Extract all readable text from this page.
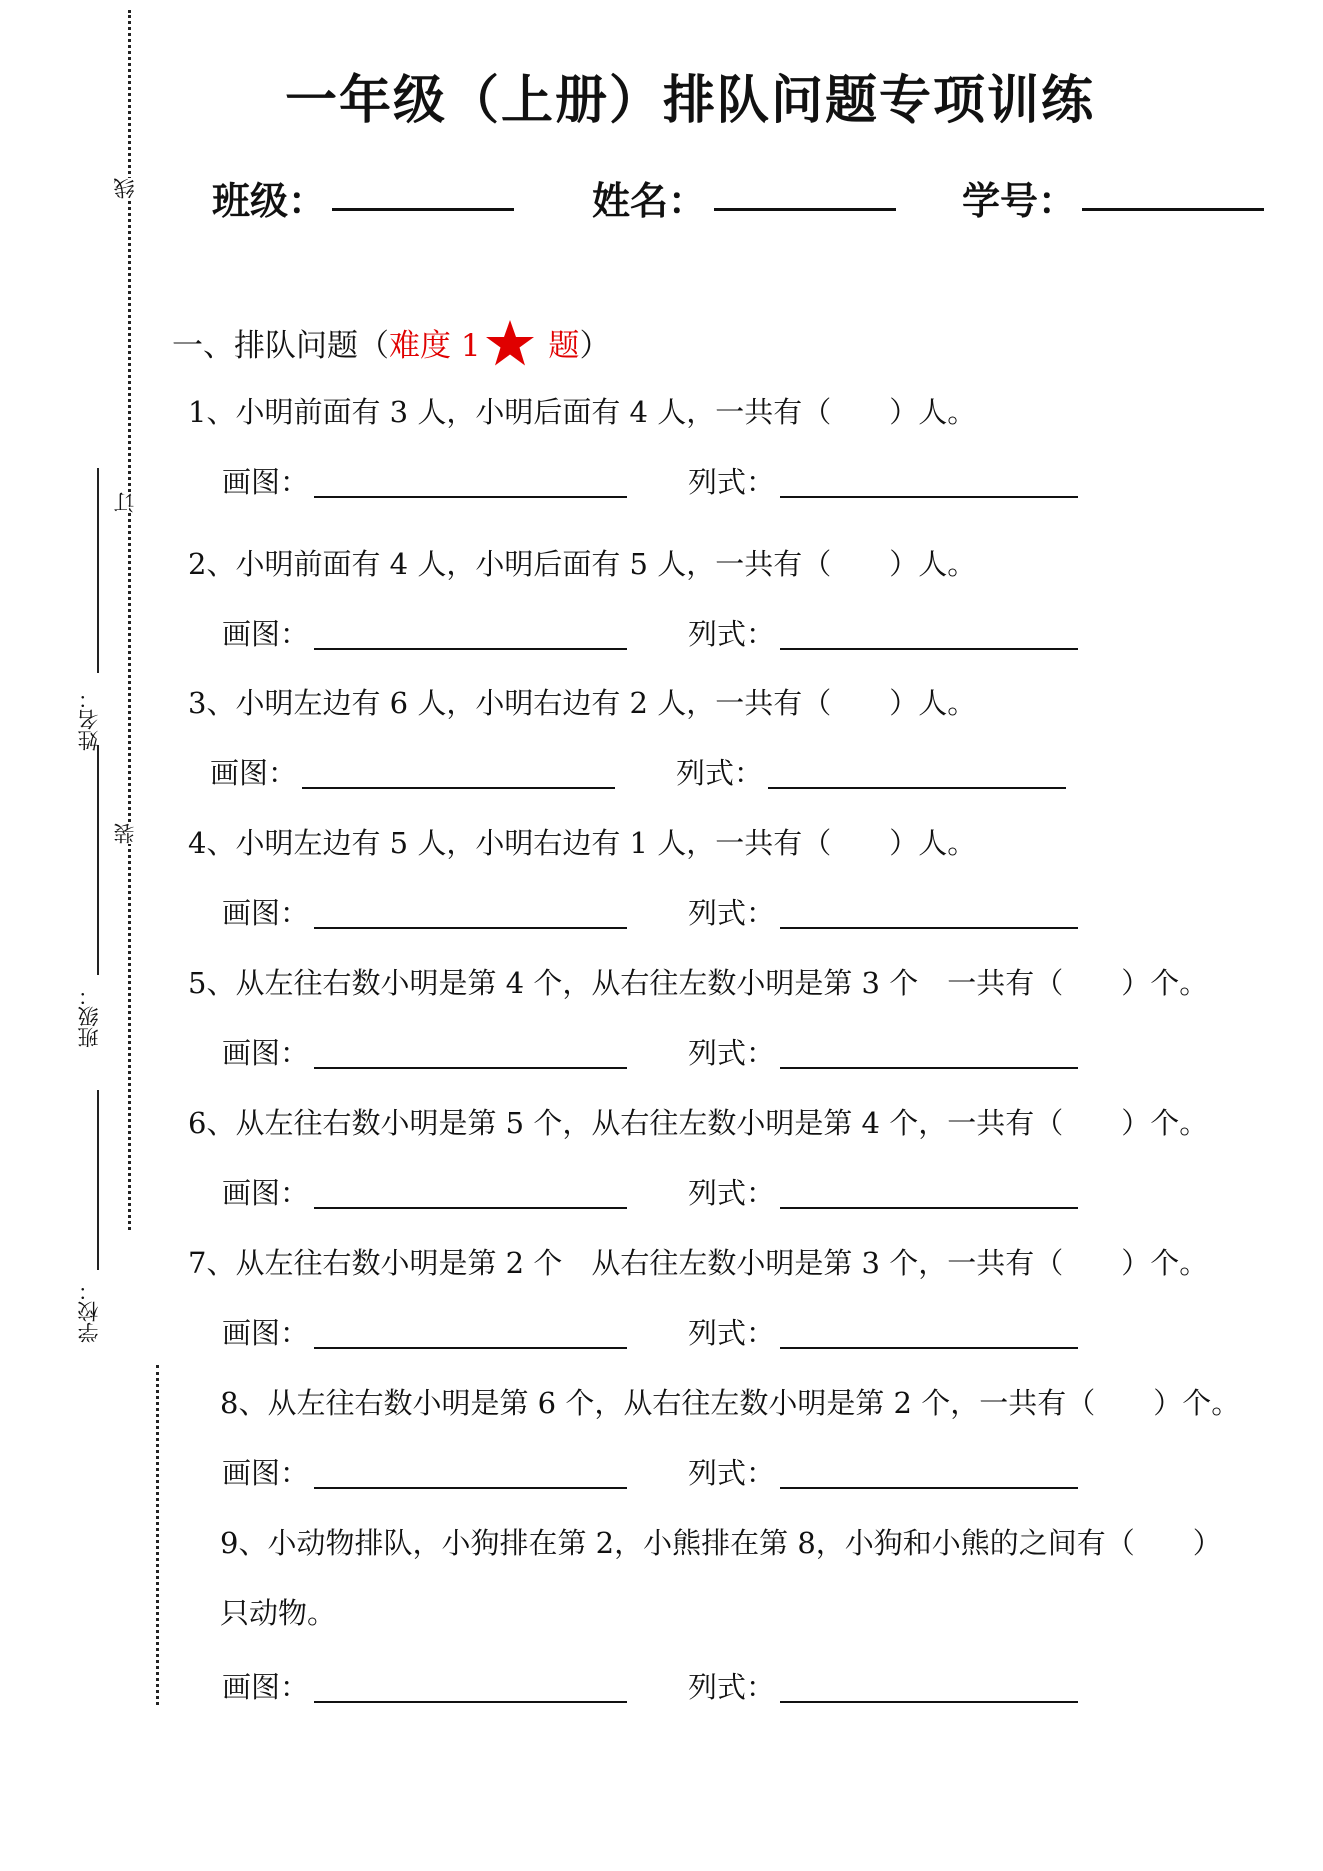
线
订
装
姓名：
班级：
学校：
一年级（上册）排队问题专项训练
班级：	姓名：	学号：
一、排队问题（难度 1 题）
1、小明前面有 3 人，小明后面有 4 人，一共有（　　）人。
画图：	列式：
2、小明前面有 4 人，小明后面有 5 人，一共有（　　）人。
画图：	列式：
3、小明左边有 6 人，小明右边有 2 人，一共有（　　）人。
画图：	列式：
4、小明左边有 5 人，小明右边有 1 人，一共有（　　）人。
画图：	列式：
5、从左往右数小明是第 4 个，从右往左数小明是第 3 个　一共有（　　）个。
画图：	列式：
6、从左往右数小明是第 5 个，从右往左数小明是第 4 个，一共有（　　）个。
画图：	列式：
7、从左往右数小明是第 2 个　从右往左数小明是第 3 个，一共有（　　）个。
画图：	列式：
8、从左往右数小明是第 6 个，从右往左数小明是第 2 个，一共有（　　）个。
画图：	列式：
9、小动物排队，小狗排在第 2，小熊排在第 8，小狗和小熊的之间有（　　）
只动物。
画图：	列式：
